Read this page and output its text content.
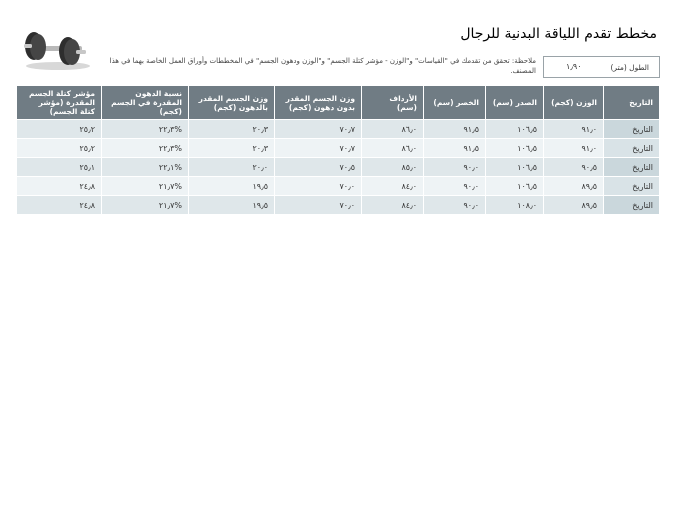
مخطط تقدم اللياقة البدنية للرجال
الطول (متر)
١٫٩٠
ملاحظة: تحقق من تقدمك في "القياسات" و"الوزن - مؤشر كتلة الجسم" و"الوزن ودهون الجسم" في المخططات وأوراق العمل الخاصة بهما في هذا المصنف.
التاريخ	الوزن (كجم)	الصدر (سم)	الخصر (سم)	الأرداف (سم)	وزن الجسم المقدر بدون دهون (كجم)	وزن الجسم المقدر بالدهون (كجم)	نسبة الدهون المقدرة في الجسم (كجم)	مؤشر كتلة الجسم المقدرة (مؤشر كتلة الجسم)
التاريخ	٩١٫٠	١٠٦٫٥	٩١٫٥	٨٦٫٠	٧٠٫٧	٢٠٫٣	%٢٢٫٣	٢٥٫٢
التاريخ	٩١٫٠	١٠٦٫٥	٩١٫٥	٨٦٫٠	٧٠٫٧	٢٠٫٣	%٢٢٫٣	٢٥٫٢
التاريخ	٩٠٫٥	١٠٦٫٥	٩٠٫٠	٨٥٫٠	٧٠٫٥	٢٠٫٠	%٢٢٫١	٢٥٫١
التاريخ	٨٩٫٥	١٠٦٫٥	٩٠٫٠	٨٤٫٠	٧٠٫٠	١٩٫٥	%٢١٫٧	٢٤٫٨
التاريخ	٨٩٫٥	١٠٨٫٠	٩٠٫٠	٨٤٫٠	٧٠٫٠	١٩٫٥	%٢١٫٧	٢٤٫٨
